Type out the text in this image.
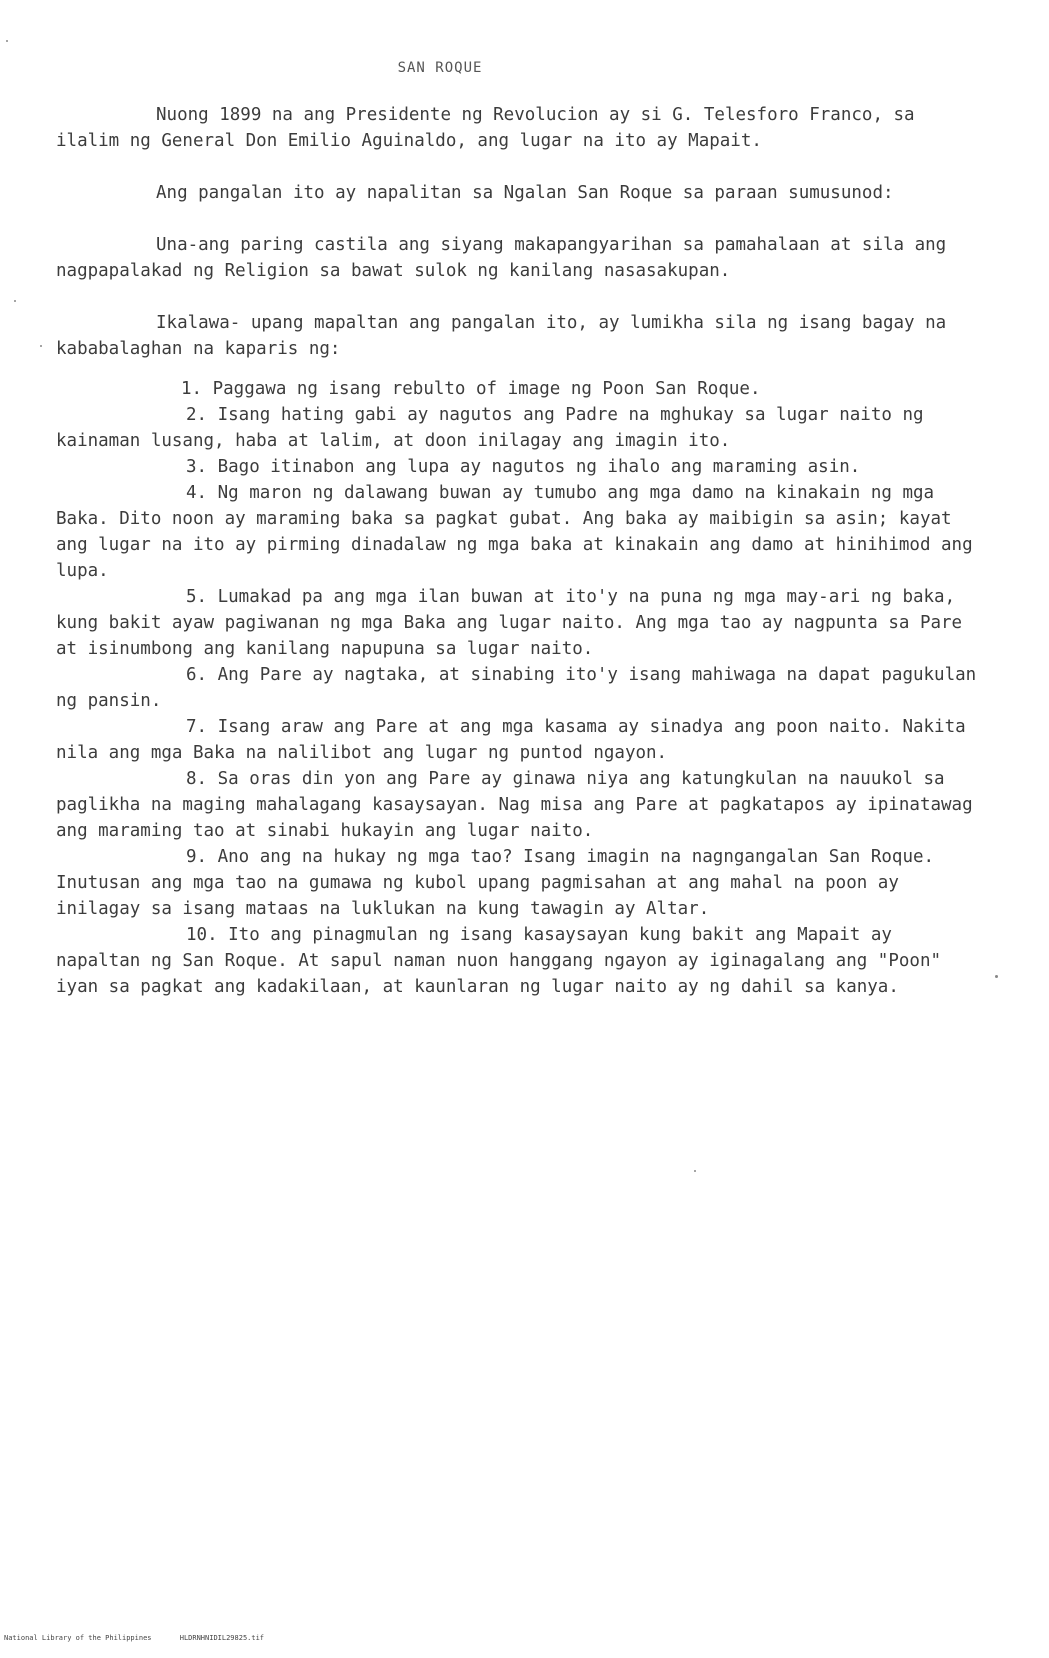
SAN ROQUE

Nuong 1899 na ang Presidente ng Revolucion ay si G. Telesforo Franco, sa ilalim ng General Don Emilio Aguinaldo, ang lugar na ito ay Mapait.

Ang pangalan ito ay napalitan sa Ngalan San Roque sa paraan sumusunod:

Una-ang paring castila ang siyang makapangyarihan sa pamahalaan at sila ang nagpapalakad ng Religion sa bawat sulok ng kanilang nasasakupan.

Ikalawa- upang mapaltan ang pangalan ito, ay lumikha sila ng isang bagay na kababalaghan na kaparis ng:

1. Paggawa ng isang rebulto of image ng Poon San Roque.

2. Isang hating gabi ay nagutos ang Padre na mghukay sa lugar naito ng kainaman lusang, haba at lalim, at doon inilagay ang imagin ito.

3. Bago itinabon ang lupa ay nagutos ng ihalo ang maraming asin.

4. Ng maron ng dalawang buwan ay tumubo ang mga damo na kinakain ng mga Baka. Dito noon ay maraming baka sa pagkat gubat. Ang baka ay maibigin sa asin; kayat ang lugar na ito ay pirming dinadalaw ng mga baka at kinakain ang damo at hinihimod ang lupa.

5. Lumakad pa ang mga ilan buwan at ito'y na puna ng mga may-ari ng baka, kung bakit ayaw pagiwanan ng mga Baka ang lugar naito. Ang mga tao ay nagpunta sa Pare at isinumbong ang kanilang napupuna sa lugar naito.

6. Ang Pare ay nagtaka, at sinabing ito'y isang mahiwaga na dapat pagukulan ng pansin.

7. Isang araw ang Pare at ang mga kasama ay sinadya ang poon naito. Nakita nila ang mga Baka na nalilibot ang lugar ng puntod ngayon.

8. Sa oras din yon ang Pare ay ginawa niya ang katungkulan na nauukol sa paglikha na maging mahalagang kasaysayan. Nag misa ang Pare at pagkatapos ay ipinatawag ang maraming tao at sinabi hukayin ang lugar naito.

9. Ano ang na hukay ng mga tao? Isang imagin na nagngangalan San Roque. Inutusan ang mga tao na gumawa ng kubol upang pagmisahan at ang mahal na poon ay inilagay sa isang mataas na luklukan na kung tawagin ay Altar.

10. Ito ang pinagmulan ng isang kasaysayan kung bakit ang Mapait ay napaltan ng San Roque. At sapul naman nuon hanggang ngayon ay iginagalang ang "Poon" iyan sa pagkat ang kadakilaan, at kaunlaran ng lugar naito ay ng dahil sa kanya.

National Library of the Philippines	HLDRNHNIDIL29825.tif
